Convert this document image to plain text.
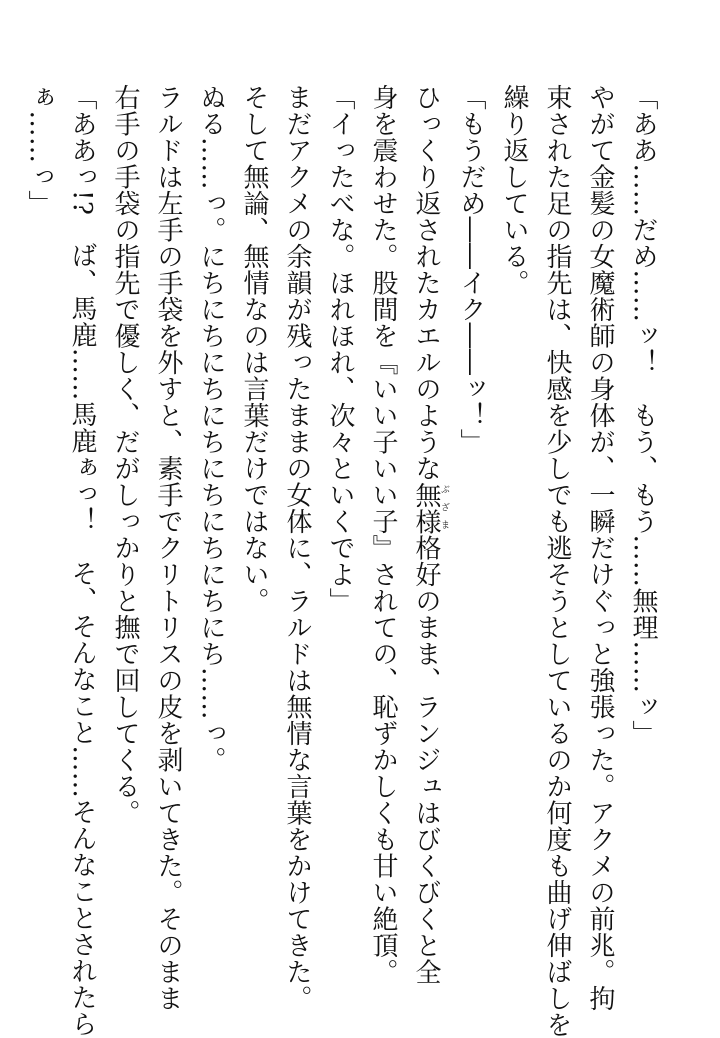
「ああ……だめ……ッ！　もう、もう……無理……ッ」
やがて金髪の女魔術師の身体が、一瞬だけぐっと強張った。アクメの前兆。拘
束された足の指先は、快感を少しでも逃そうとしているのか何度も曲げ伸ばしを
繰り返している。
「もうだめ――イク――ッ！」
ひっくり返されたカエルのような無様ぶざま格好のまま、ランジュはびくびくと全
身を震わせた。股間を『いい子いい子』されての、恥ずかしくも甘い絶頂。
「イったべな。ほれほれ、次々といくでよ」
まだアクメの余韻が残ったままの女体に、ラルドは無情な言葉をかけてきた。
そして無論、無情なのは言葉だけではない。
ぬる……っ。にちにちにちにちにちにちにちにち……っ。
ラルドは左手の手袋を外すと、素手でクリトリスの皮を剥いてきた。そのまま
右手の手袋の指先で優しく、だがしっかりと撫で回してくる。
「ああっ!?　ば、馬鹿……馬鹿ぁっ！　そ、そんなこと……そんなことされたら
ぁ……っ」
